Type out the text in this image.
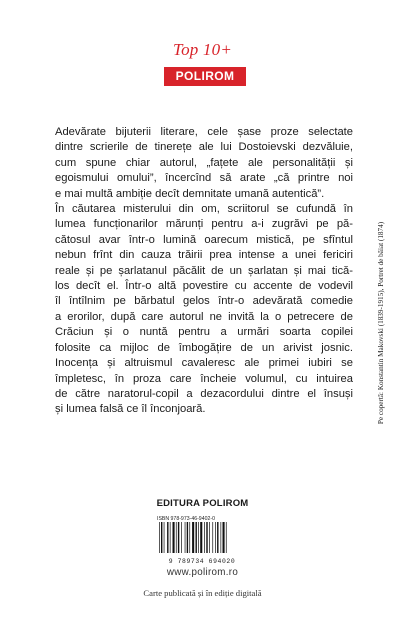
Top 10+
POLIROM

Adevărate bijuterii literare, cele șase proze selectate

dintre scrierile de tinerețe ale lui Dostoievski dezvăluie,

cum spune chiar autorul, „fațete ale personalității și

egoismului omului”, încercînd să arate „că printre noi

e mai multă ambiție decît demnitate umană autentică”.

În căutarea misterului din om, scriitorul se cufundă în

lumea funcționarilor mărunți pentru a-i zugrăvi pe pă-

cătosul avar într-o lumină oarecum mistică, pe sfîntul

nebun frînt din cauza trăirii prea intense a unei fericiri

reale și pe șarlatanul păcălit de un șarlatan și mai tică-

los decît el. Într-o altă povestire cu accente de vodevil

îl întîlnim pe bărbatul gelos într-o adevărată comedie

a erorilor, după care autorul ne invită la o petrecere de

Crăciun și o nuntă pentru a urmări soarta copilei

folosite ca mijloc de îmbogățire de un arivist josnic.

Inocența și altruismul cavaleresc ale primei iubiri se

împletesc, în proza care încheie volumul, cu intuirea

de către naratorul-copil a dezacordului dintre el însuși

și lumea falsă ce îl înconjoară.

EDITURA POLIROM
ISBN 978-973-46-9402-0
9 789734 694020
www.polirom.ro
Carte publicată și în ediție digitală
Pe copertă: Konstantin Makovski (1839-1915), Portret de băiat (1874)
